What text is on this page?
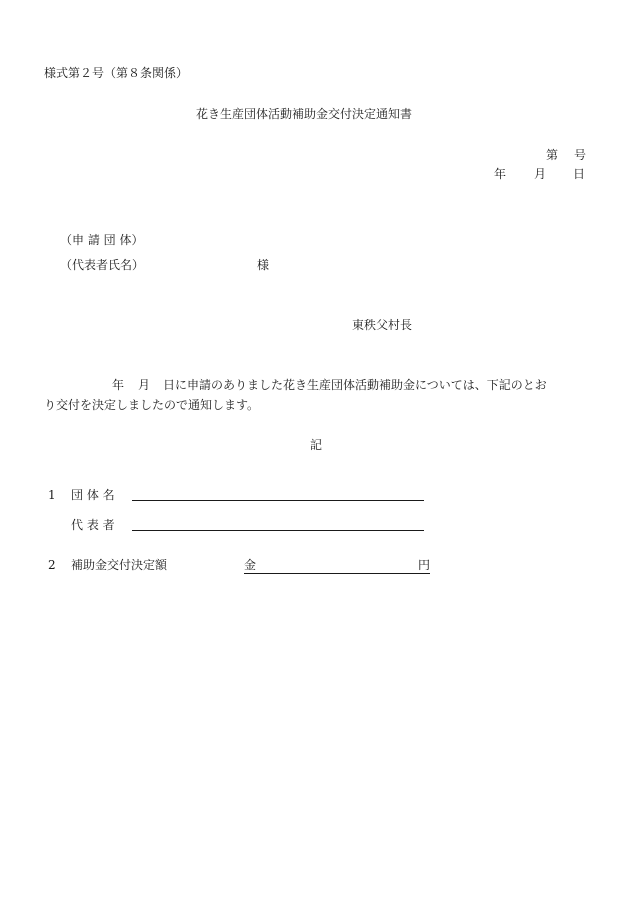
様式第２号（第８条関係）
花き生産団体活動補助金交付決定通知書
第 号
年 月 日
（申 請 団 体）
（代表者氏名）	様
東秩父村長
年 月 日に申請のありました花き生産団体活動補助金については、下記のとお
り交付を決定しましたので通知します。
記
1 団 体 名
代 表 者
2 補助金交付決定額	金	円
